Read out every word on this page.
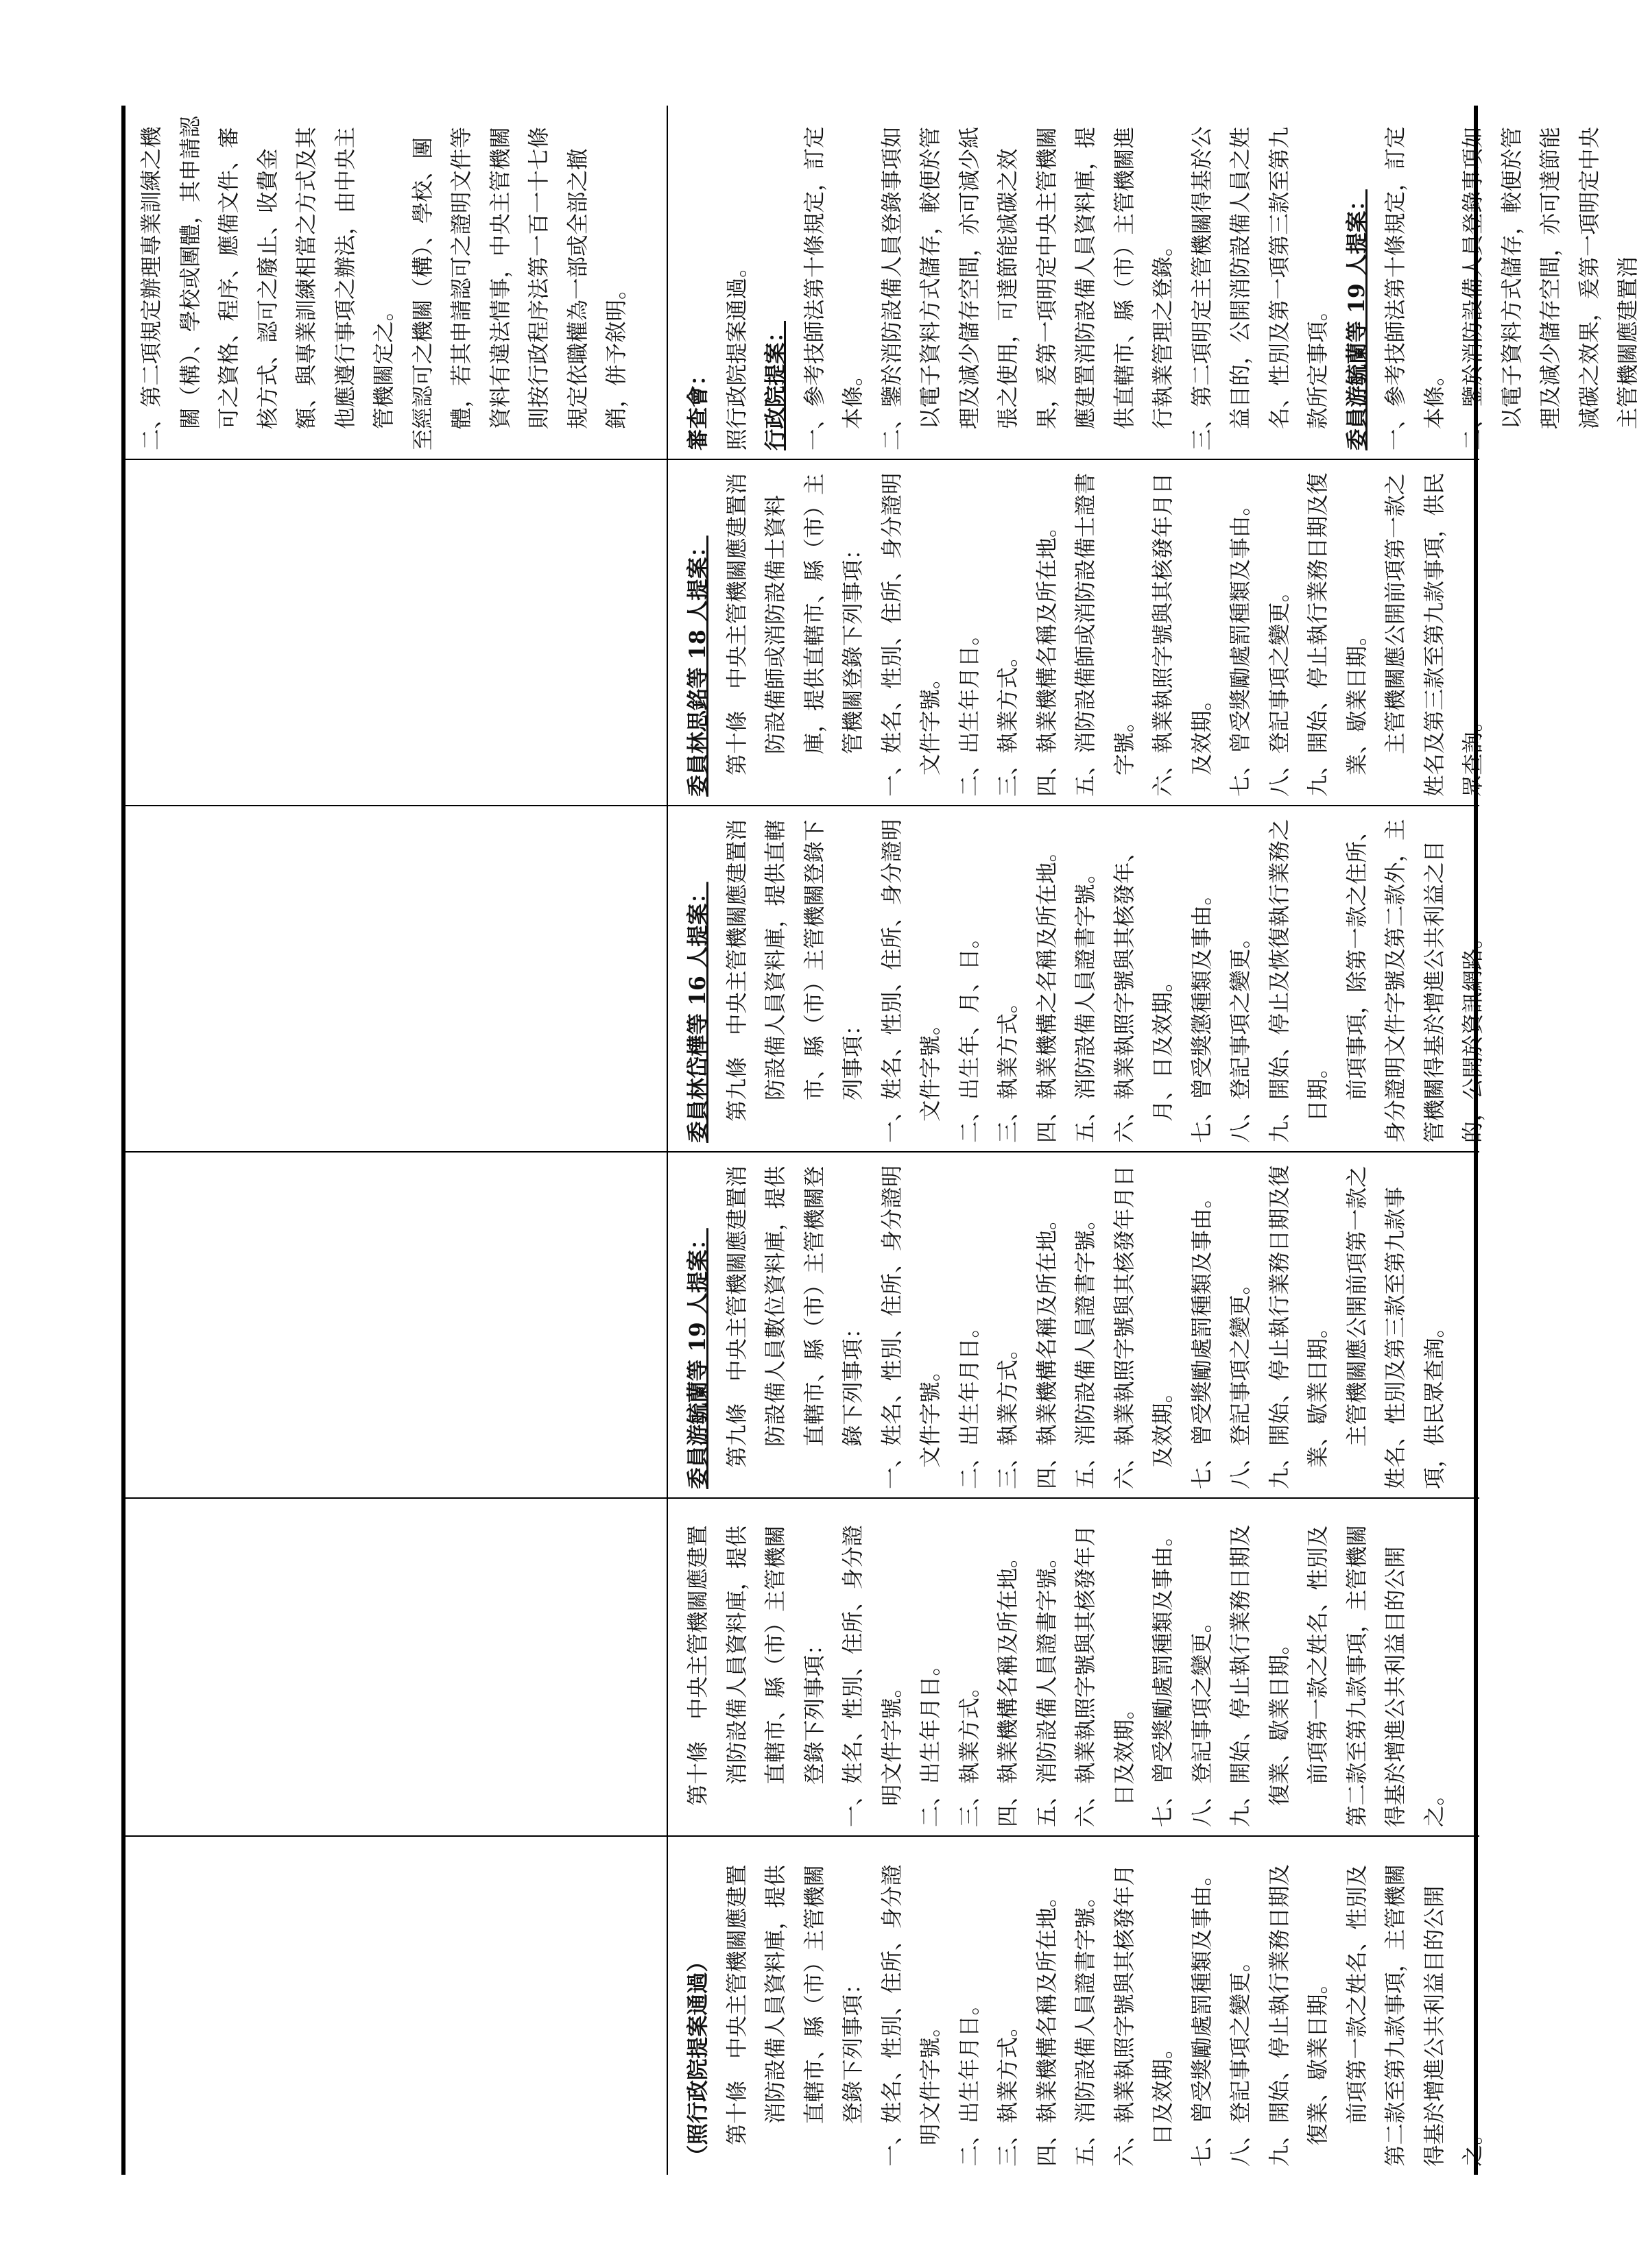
二、第二項規定辦理專業訓練之機關（構）、學校或團體，其申請認可之資格、程序、應備文件、審核方式、認可之廢止、收費金額、與專業訓練相當之方式及其他應遵行事項之辦法，由中央主管機關定之。 至經認可之機關（構）、學校、團體，若其申請認可之證明文件等資料有違法情事，中央主管機關則按行政程序法第一百一十七條規定依職權為一部或全部之撤銷，併予敘明。

（照行政院提案通過） 第十條　中央主管機關應建置消防設備人員資料庫，提供直轄市、縣（市）主管機關登錄下列事項： 一、姓名、性別、住所、身分證明文件字號。 二、出生年月日。 三、執業方式。 四、執業機構名稱及所在地。 五、消防設備人員證書字號。 六、執業執照字號與其核發年月日及效期。 七、曾受獎勵處罰種類及事由。 八、登記事項之變更。 九、開始、停止執行業務日期及復業、歇業日期。 前項第一款之姓名、性別及第二款至第九款事項，主管機關得基於增進公共利益目的公開之。

第十條　中央主管機關應建置消防設備人員資料庫，提供直轄市、縣（市）主管機關登錄下列事項： 一、姓名、性別、住所、身分證明文件字號。 二、出生年月日。 三、執業方式。 四、執業機構名稱及所在地。 五、消防設備人員證書字號。 六、執業執照字號與其核發年月日及效期。 七、曾受獎勵處罰種類及事由。 八、登記事項之變更。 九、開始、停止執行業務日期及復業、歇業日期。 前項第一款之姓名、性別及第二款至第九款事項，主管機關得基於增進公共利益目的公開之。

委員游毓蘭等 19 人提案： 第九條　中央主管機關應建置消防設備人員數位資料庫，提供直轄市、縣（市）主管機關登錄下列事項： 一、姓名、性別、住所、身分證明文件字號。 二、出生年月日。 三、執業方式。 四、執業機構名稱及所在地。 五、消防設備人員證書字號。 六、執業執照字號與其核發年月日及效期。 七、曾受獎勵處罰種類及事由。 八、登記事項之變更。 九、開始、停止執行業務日期及復業、歇業日期。 主管機關應公開前項第一款之姓名、性別及第三款至第九款事項，供民眾查詢。

委員林岱樺等 16 人提案： 第九條　中央主管機關應建置消防設備人員資料庫，提供直轄市、縣（市）主管機關登錄下列事項： 一、姓名、性別、住所、身分證明文件字號。 二、出生年、月、日。 三、執業方式。 四、執業機構之名稱及所在地。 五、消防設備人員證書字號。 六、執業執照字號與其核發年、月、日及效期。 七、曾受獎懲種類及事由。 八、登記事項之變更。 九、開始、停止及恢復執行業務之日期。 前項事項，除第一款之住所、身分證明文件字號及第二款外，主管機關得基於增進公共利益之目的，公開於資訊網路。

委員林思銘等 18 人提案： 第十條　中央主管機關應建置消防設備師或消防設備士資料庫，提供直轄市、縣（市）主管機關登錄下列事項： 一、姓名、性別、住所、身分證明文件字號。 二、出生年月日。 三、執業方式。 四、執業機構名稱及所在地。 五、消防設備師或消防設備士證書字號。 六、執業執照字號與其核發年月日及效期。 七、曾受獎勵處罰種類及事由。 八、登記事項之變更。 九、開始、停止執行業務日期及復業、歇業日期。 主管機關應公開前項第一款之姓名及第三款至第九款事項，供民眾查詢。

審查會： 照行政院提案通過。 行政院提案： 一、參考技師法第十條規定，訂定本條。 二、鑒於消防設備人員登錄事項如以電子資料方式儲存，較便於管理及減少儲存空間，亦可減少紙張之使用，可達節能減碳之效果，爰第一項明定中央主管機關應建置消防設備人員資料庫，提供直轄市、縣（市）主管機關進行執業管理之登錄。 三、第二項明定主管機關得基於公益目的，公開消防設備人員之姓名、性別及第一項第三款至第九款所定事項。 委員游毓蘭等 19 人提案： 一、參考技師法第十條規定，訂定本條。 二、鑒於消防設備人員登錄事項如以電子資料方式儲存，較便於管理及減少儲存空間，亦可達節能減碳之效果，爰第一項明定中央主管機關應建置消
